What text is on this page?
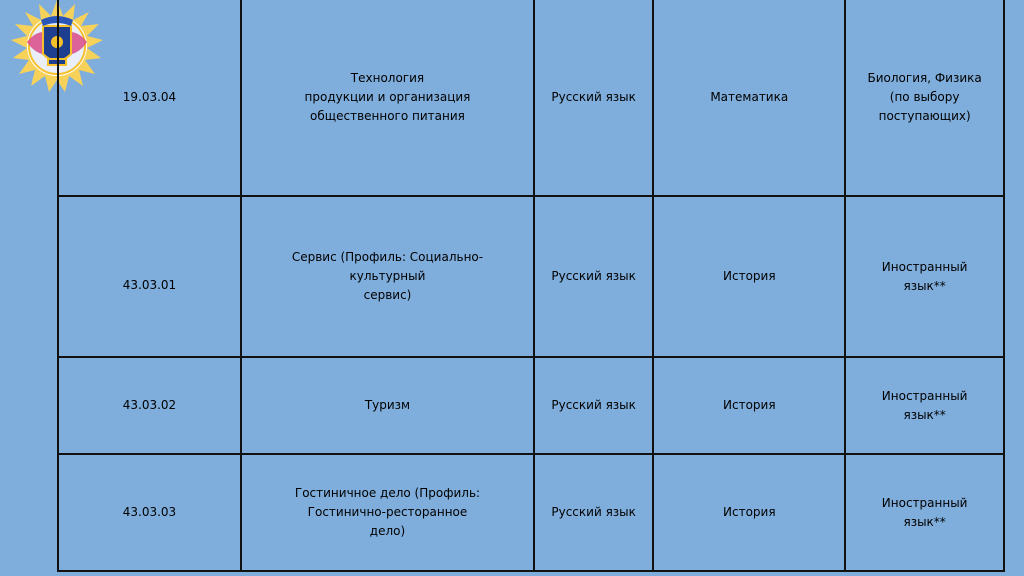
19.03.04	Технология
продукции и организация
общественного питания	Русский язык	Математика	Биология, Физика
(по выбору
поступающих)

43.03.01	Сервис (Профиль: Социально-
культурный
сервис)	Русский язык	История	Иностранный
язык**

43.03.02	Туризм	Русский язык	История	Иностранный
язык**

43.03.03	Гостиничное дело (Профиль:
Гостинично-ресторанное
дело)	Русский язык	История	Иностранный
язык**
